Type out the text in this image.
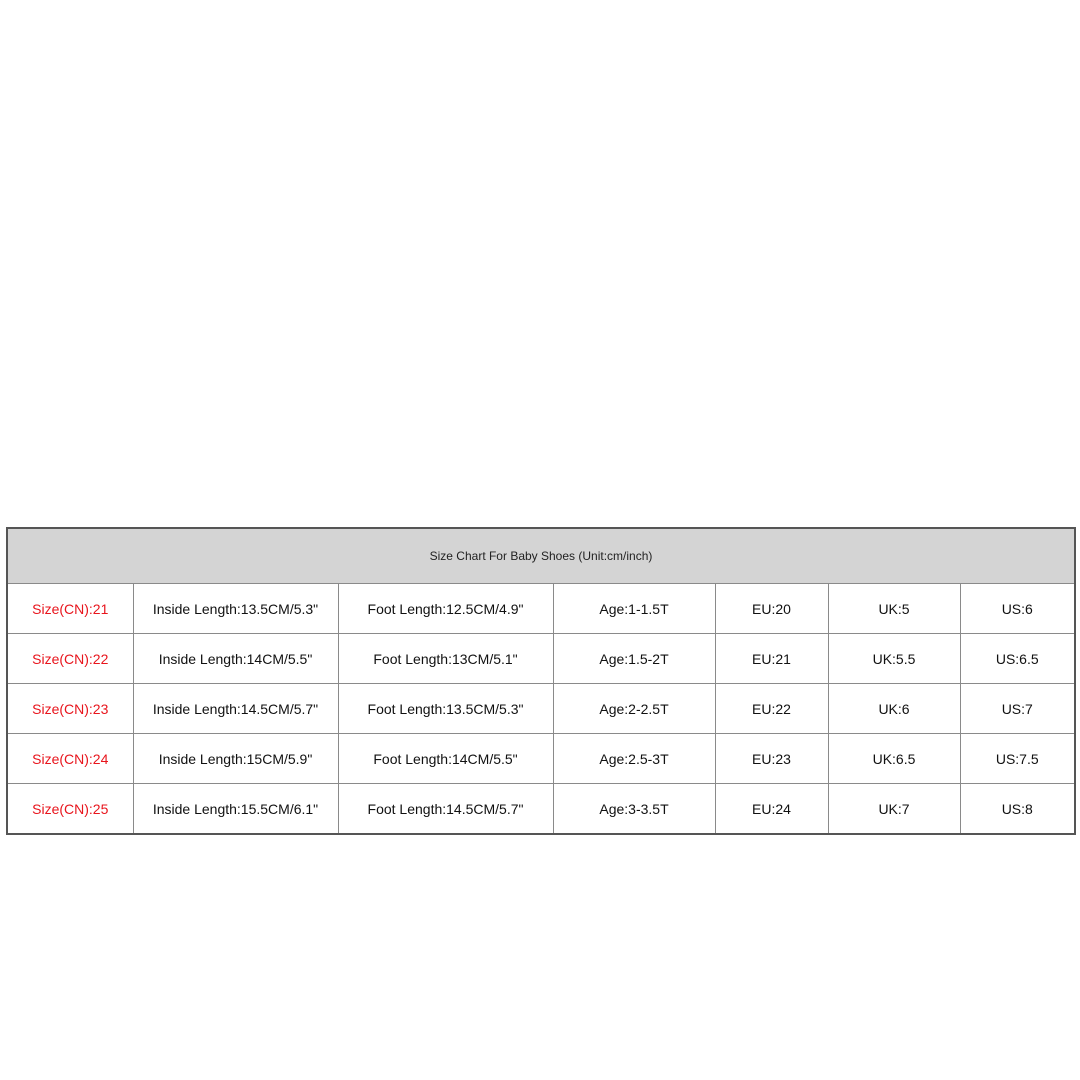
Size Chart For Baby Shoes (Unit:cm/inch)
Size(CN):21	Inside Length:13.5CM/5.3"	Foot Length:12.5CM/4.9"	Age:1-1.5T	EU:20	UK:5	US:6
Size(CN):22	Inside Length:14CM/5.5"	Foot Length:13CM/5.1"	Age:1.5-2T	EU:21	UK:5.5	US:6.5
Size(CN):23	Inside Length:14.5CM/5.7"	Foot Length:13.5CM/5.3"	Age:2-2.5T	EU:22	UK:6	US:7
Size(CN):24	Inside Length:15CM/5.9"	Foot Length:14CM/5.5"	Age:2.5-3T	EU:23	UK:6.5	US:7.5
Size(CN):25	Inside Length:15.5CM/6.1"	Foot Length:14.5CM/5.7"	Age:3-3.5T	EU:24	UK:7	US:8
